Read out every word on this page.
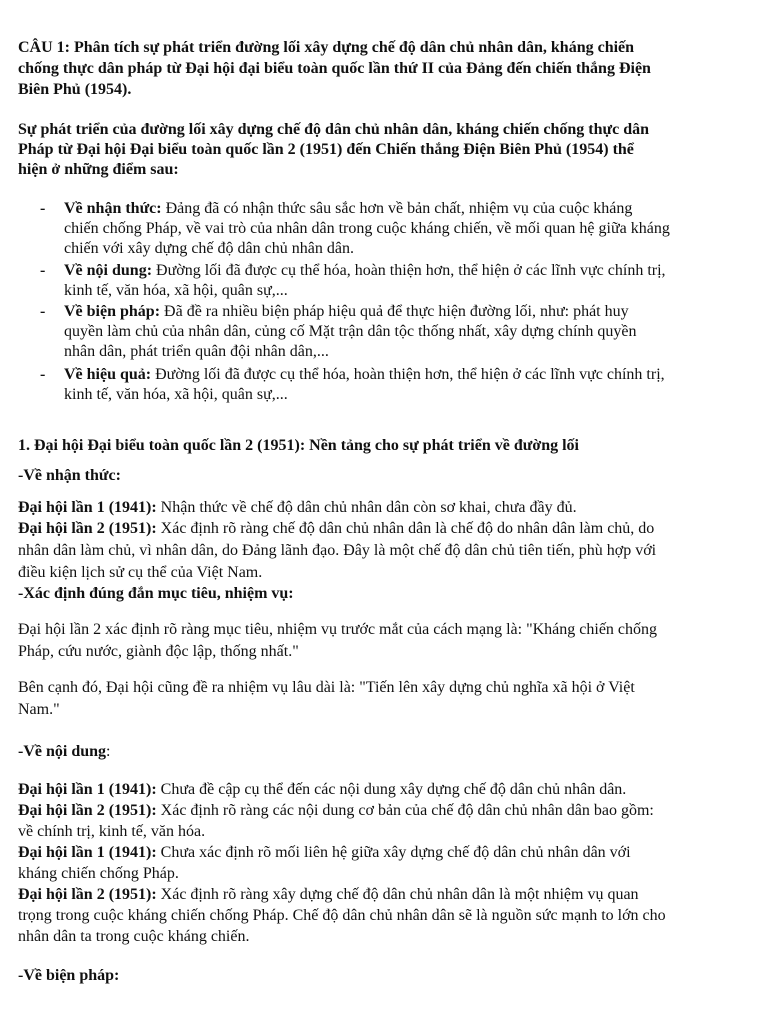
CÂU 1: Phân tích sự phát triển đường lối xây dựng chế độ dân chủ nhân dân, kháng chiến
chống thực dân pháp từ Đại hội đại biểu toàn quốc lần thứ II của Đảng đến chiến thắng Điện
Biên Phủ (1954).
Sự phát triển của đường lối xây dựng chế độ dân chủ nhân dân, kháng chiến chống thực dân
Pháp từ Đại hội Đại biểu toàn quốc lần 2 (1951) đến Chiến thắng Điện Biên Phủ (1954) thể
hiện ở những điểm sau:
- Về nhận thức: Đảng đã có nhận thức sâu sắc hơn về bản chất, nhiệm vụ của cuộc kháng
chiến chống Pháp, về vai trò của nhân dân trong cuộc kháng chiến, về mối quan hệ giữa kháng
chiến với xây dựng chế độ dân chủ nhân dân.
- Về nội dung: Đường lối đã được cụ thể hóa, hoàn thiện hơn, thể hiện ở các lĩnh vực chính trị,
kinh tế, văn hóa, xã hội, quân sự,...
- Về biện pháp: Đã đề ra nhiều biện pháp hiệu quả để thực hiện đường lối, như: phát huy
quyền làm chủ của nhân dân, củng cố Mặt trận dân tộc thống nhất, xây dựng chính quyền
nhân dân, phát triển quân đội nhân dân,...
- Về hiệu quả: Đường lối đã được cụ thể hóa, hoàn thiện hơn, thể hiện ở các lĩnh vực chính trị,
kinh tế, văn hóa, xã hội, quân sự,...
1. Đại hội Đại biểu toàn quốc lần 2 (1951): Nền tảng cho sự phát triển về đường lối
-Về nhận thức:
Đại hội lần 1 (1941): Nhận thức về chế độ dân chủ nhân dân còn sơ khai, chưa đầy đủ.
Đại hội lần 2 (1951): Xác định rõ ràng chế độ dân chủ nhân dân là chế độ do nhân dân làm chủ, do
nhân dân làm chủ, vì nhân dân, do Đảng lãnh đạo. Đây là một chế độ dân chủ tiên tiến, phù hợp với
điều kiện lịch sử cụ thể của Việt Nam.
-Xác định đúng đắn mục tiêu, nhiệm vụ:
Đại hội lần 2 xác định rõ ràng mục tiêu, nhiệm vụ trước mắt của cách mạng là: "Kháng chiến chống
Pháp, cứu nước, giành độc lập, thống nhất."
Bên cạnh đó, Đại hội cũng đề ra nhiệm vụ lâu dài là: "Tiến lên xây dựng chủ nghĩa xã hội ở Việt
Nam."
-Về nội dung:
Đại hội lần 1 (1941): Chưa đề cập cụ thể đến các nội dung xây dựng chế độ dân chủ nhân dân.
Đại hội lần 2 (1951): Xác định rõ ràng các nội dung cơ bản của chế độ dân chủ nhân dân bao gồm:
về chính trị, kinh tế, văn hóa.
Đại hội lần 1 (1941): Chưa xác định rõ mối liên hệ giữa xây dựng chế độ dân chủ nhân dân với
kháng chiến chống Pháp.
Đại hội lần 2 (1951): Xác định rõ ràng xây dựng chế độ dân chủ nhân dân là một nhiệm vụ quan
trọng trong cuộc kháng chiến chống Pháp. Chế độ dân chủ nhân dân sẽ là nguồn sức mạnh to lớn cho
nhân dân ta trong cuộc kháng chiến.
-Về biện pháp:
